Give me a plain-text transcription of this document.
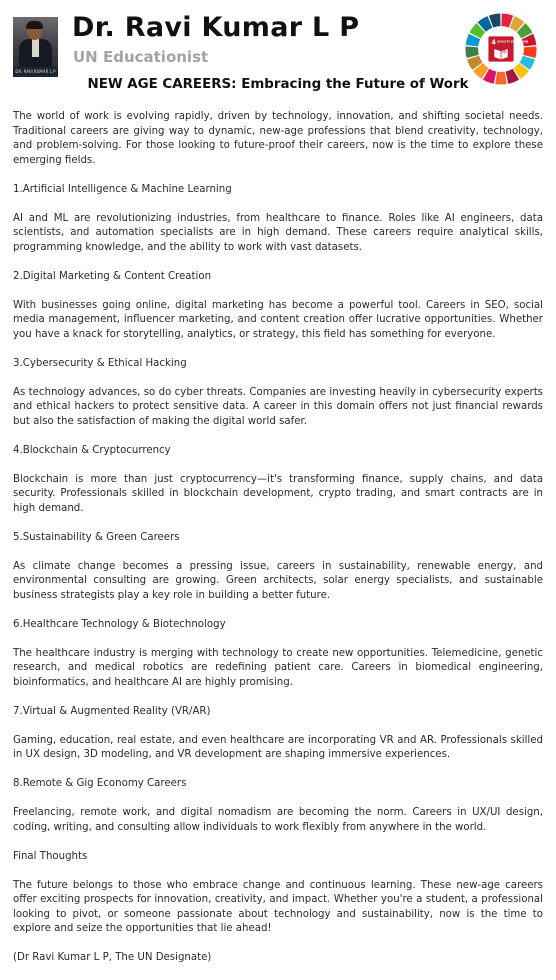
DR. RAVI KUMAR L P
Dr. Ravi Kumar L P
UN Educationist
4 QUALITY EDUCATION
NEW AGE CAREERS: Embracing the Future of Work

The world of work is evolving rapidly, driven by technology, innovation, and shifting societal needs. Traditional careers are giving way to dynamic, new-age professions that blend creativity, technology, and problem-solving. For those looking to future-proof their careers, now is the time to explore these emerging fields.

1.Artificial Intelligence & Machine Learning

AI and ML are revolutionizing industries, from healthcare to finance. Roles like AI engineers, data scientists, and automation specialists are in high demand. These careers require analytical skills, programming knowledge, and the ability to work with vast datasets.

2.Digital Marketing & Content Creation

With businesses going online, digital marketing has become a powerful tool. Careers in SEO, social media management, influencer marketing, and content creation offer lucrative opportunities. Whether you have a knack for storytelling, analytics, or strategy, this field has something for everyone.

3.Cybersecurity & Ethical Hacking

As technology advances, so do cyber threats. Companies are investing heavily in cybersecurity experts and ethical hackers to protect sensitive data. A career in this domain offers not just financial rewards but also the satisfaction of making the digital world safer.

4.Blockchain & Cryptocurrency

Blockchain is more than just cryptocurrency—it's transforming finance, supply chains, and data security. Professionals skilled in blockchain development, crypto trading, and smart contracts are in high demand.

5.Sustainability & Green Careers

As climate change becomes a pressing issue, careers in sustainability, renewable energy, and environmental consulting are growing. Green architects, solar energy specialists, and sustainable business strategists play a key role in building a better future.

6.Healthcare Technology & Biotechnology

The healthcare industry is merging with technology to create new opportunities. Telemedicine, genetic research, and medical robotics are redefining patient care. Careers in biomedical engineering, bioinformatics, and healthcare AI are highly promising.

7.Virtual & Augmented Reality (VR/AR)

Gaming, education, real estate, and even healthcare are incorporating VR and AR. Professionals skilled in UX design, 3D modeling, and VR development are shaping immersive experiences.

8.Remote & Gig Economy Careers

Freelancing, remote work, and digital nomadism are becoming the norm. Careers in UX/UI design, coding, writing, and consulting allow individuals to work flexibly from anywhere in the world.

Final Thoughts

The future belongs to those who embrace change and continuous learning. These new-age careers offer exciting prospects for innovation, creativity, and impact. Whether you're a student, a professional looking to pivot, or someone passionate about technology and sustainability, now is the time to explore and seize the opportunities that lie ahead!

(Dr Ravi Kumar L P, The UN Designate)
